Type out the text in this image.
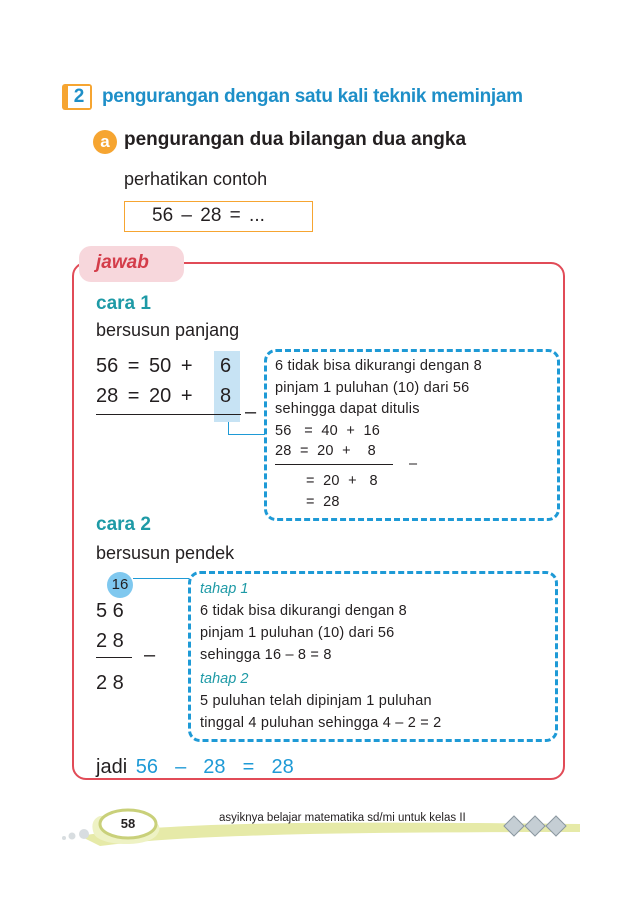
2 pengurangan dengan satu kali teknik meminjam
a pengurangan dua bilangan dua angka
perhatikan contoh
56 – 28 = ...
jawab
cara 1
bersusun panjang
56 = 50 + 6
28 = 20 + 8
–
6 tidak bisa dikurangi dengan 8
pinjam 1 puluhan (10) dari 56
sehingga dapat ditulis
56   =  40  +  16
28  =  20  +    8
–
=  20  +   8
=  28
cara 2
bersusun pendek
16
5 6
2 8
–
2 8
tahap 1
6 tidak bisa dikurangi dengan 8
pinjam 1 puluhan (10) dari 56
sehingga 16 – 8 = 8
tahap 2
5 puluhan telah dipinjam 1 puluhan
tinggal 4 puluhan sehingga 4 – 2 = 2
jadi 56  –  28  =  28
58	asyiknya belajar matematika sd/mi untuk kelas II
